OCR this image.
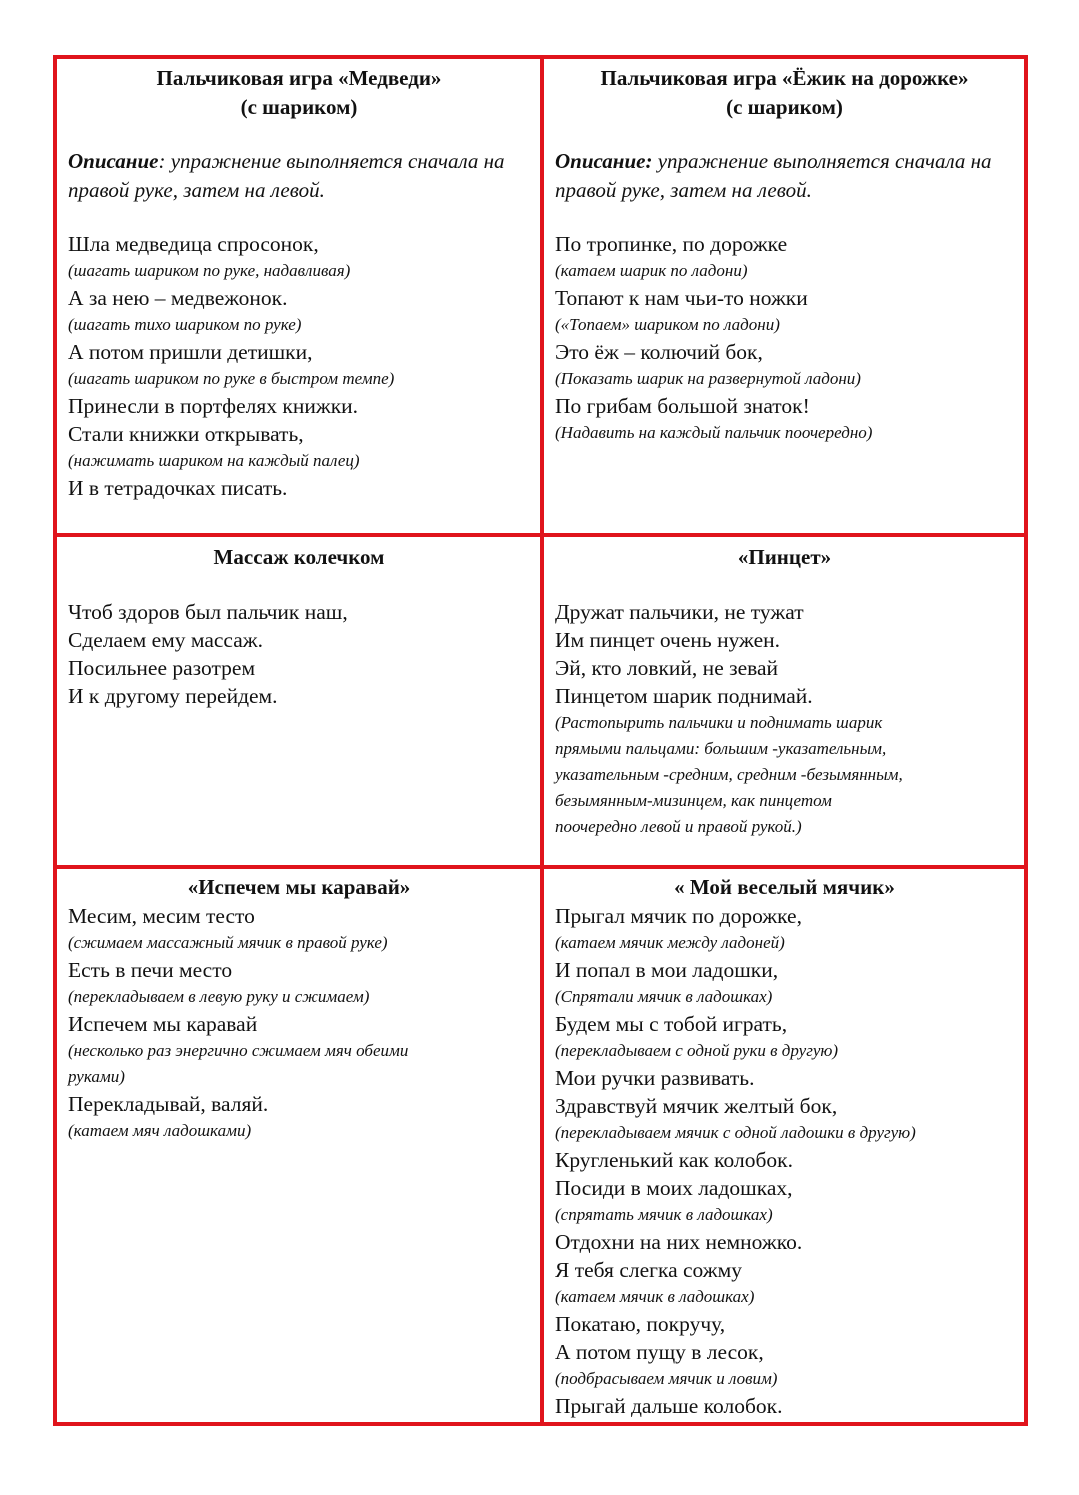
Пальчиковая игра «Медведи»
(с шариком)
Описание: упражнение выполняется сначала на правой руке, затем на левой.
Шла медведица спросонок,
(шагать шариком по руке, надавливая)
А за нею – медвежонок.
(шагать тихо шариком по руке)
А потом пришли детишки,
(шагать шариком по руке в быстром темпе)
Принесли в портфелях книжки.
Стали книжки открывать,
(нажимать шариком на каждый палец)
И в тетрадочках писать.
Пальчиковая игра «Ёжик на дорожке»
(с шариком)
Описание: упражнение выполняется сначала на правой руке, затем на левой.
По тропинке, по дорожке
(катаем шарик по ладони)
Топают к нам чьи-то ножки
(«Топаем» шариком по ладони)
Это ёж – колючий бок,
(Показать шарик на развернутой ладони)
По грибам большой знаток!
(Надавить на каждый пальчик поочередно)
Массаж колечком
Чтоб здоров был пальчик наш,
Сделаем ему массаж.
Посильнее разотрем
И к другому перейдем.
«Пинцет»
Дружат пальчики, не тужат
Им пинцет очень нужен.
Эй, кто ловкий, не зевай
Пинцетом шарик поднимай.
(Растопырить пальчики и поднимать шарик
прямыми пальцами: большим -указательным,
указательным -средним, средним -безымянным,
безымянным-мизинцем, как пинцетом
поочередно левой и правой рукой.)
«Испечем мы каравай»
Месим, месим тесто
(сжимаем массажный мячик в правой руке)
Есть в печи место
(перекладываем в левую руку и сжимаем)
Испечем мы каравай
(несколько раз энергично сжимаем мяч обеими
руками)
Перекладывай, валяй.
(катаем мяч ладошками)
« Мой веселый мячик»
Прыгал мячик по дорожке,
(катаем мячик между ладоней)
И попал в мои ладошки,
(Спрятали мячик в ладошках)
Будем мы с тобой играть,
(перекладываем с одной руки в другую)
Мои ручки развивать.
Здравствуй мячик желтый бок,
(перекладываем мячик с одной ладошки в другую)
Кругленький как колобок.
Посиди в моих ладошках,
(спрятать мячик в ладошках)
Отдохни на них немножко.
Я тебя слегка сожму
(катаем мячик в ладошках)
Покатаю, покручу,
А потом пущу в лесок,
(подбрасываем мячик и ловим)
Прыгай дальше колобок.
